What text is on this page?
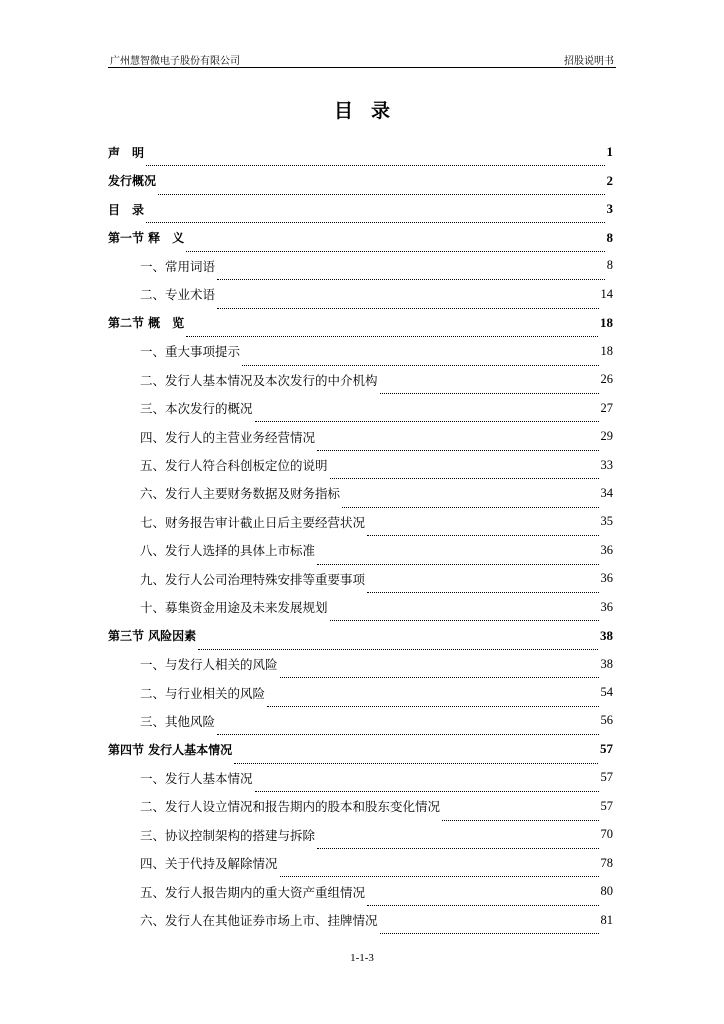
广州慧智微电子股份有限公司	招股说明书
目录
声　明	1
发行概况	2
目　录	3
第一节 释　义	8
一、常用词语	8
二、专业术语	14
第二节 概　览	18
一、重大事项提示	18
二、发行人基本情况及本次发行的中介机构	26
三、本次发行的概况	27
四、发行人的主营业务经营情况	29
五、发行人符合科创板定位的说明	33
六、发行人主要财务数据及财务指标	34
七、财务报告审计截止日后主要经营状况	35
八、发行人选择的具体上市标准	36
九、发行人公司治理特殊安排等重要事项	36
十、募集资金用途及未来发展规划	36
第三节 风险因素	38
一、与发行人相关的风险	38
二、与行业相关的风险	54
三、其他风险	56
第四节 发行人基本情况	57
一、发行人基本情况	57
二、发行人设立情况和报告期内的股本和股东变化情况	57
三、协议控制架构的搭建与拆除	70
四、关于代持及解除情况	78
五、发行人报告期内的重大资产重组情况	80
六、发行人在其他证券市场上市、挂牌情况	81
1-1-3
